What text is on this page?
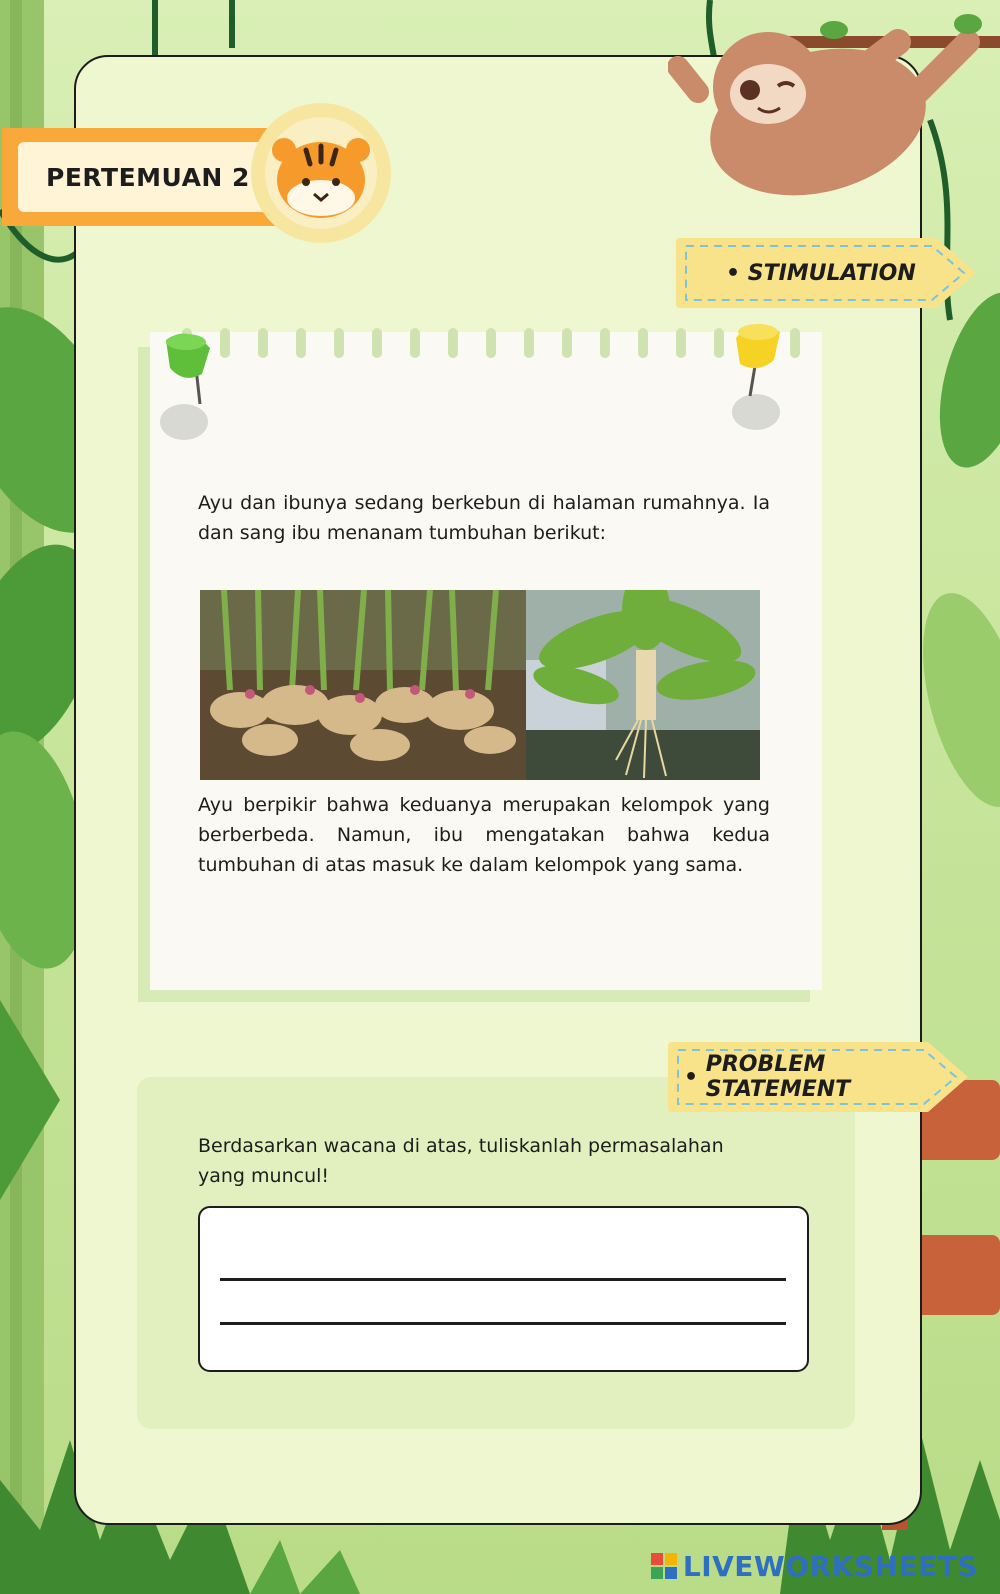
PERTEMUAN 2
• STIMULATION

Ayu dan ibunya sedang berkebun di halaman rumahnya. Ia dan sang ibu menanam tumbuhan berikut:

Ayu berpikir bahwa keduanya merupakan kelompok yang berberbeda. Namun, ibu mengatakan bahwa kedua tumbuhan di atas masuk ke dalam kelompok yang sama.

• PROBLEM STATEMENT

Berdasarkan wacana di atas, tuliskanlah permasalahan yang muncul!

LIVEWORKSHEETS
